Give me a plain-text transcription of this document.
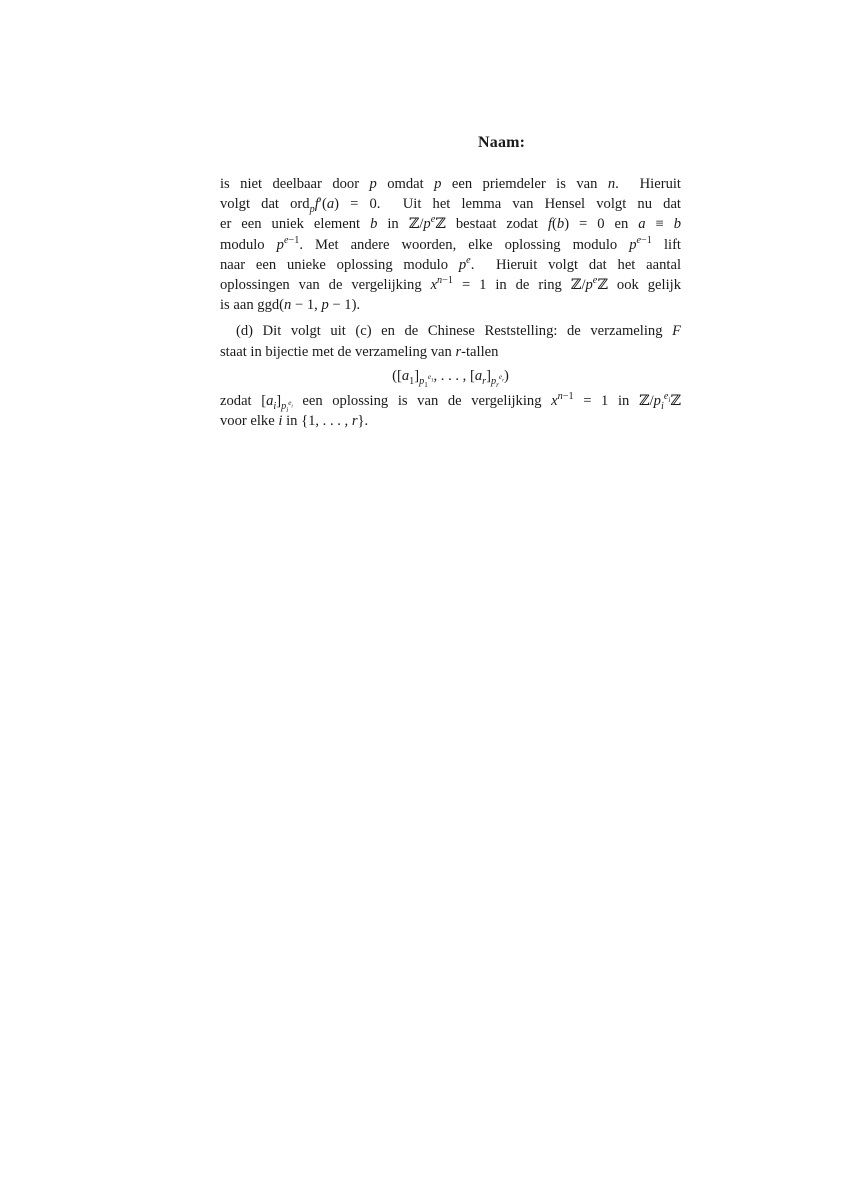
Naam:
is niet deelbaar door p omdat p een priemdeler is van n.  Hieruit
volgt dat ord$_p$f′(a) = 0.  Uit het lemma van Hensel volgt nu dat
er een uniek element b in $ℤ/p^eℤ$ bestaat zodat f(b) = 0 en a ≡ b
modulo $p^{e-1}$. Met andere woorden, elke oplossing modulo $p^{e-1}$ lift
naar een unieke oplossing modulo $p^e$.  Hieruit volgt dat het aantal
oplossingen van de vergelijking $x^{n-1} = 1$ in de ring $ℤ/p^eℤ$ ook gelijk
is aan ggd(n − 1, p − 1).
(d) Dit volgt uit (c) en de Chinese Reststelling: de verzameling F
staat in bijectie met de verzameling van r-tallen
($[a_1]_{p_1^{e_1}}$, . . . , $[a_r]_{p_r^{e_r}}$)
zodat $[a_i]_{p_i^{e_i}}$ een oplossing is van de vergelijking $x^{n-1} = 1$ in $ℤ/p_i^{e_i}ℤ$
voor elke i in {1, . . . , r}.
